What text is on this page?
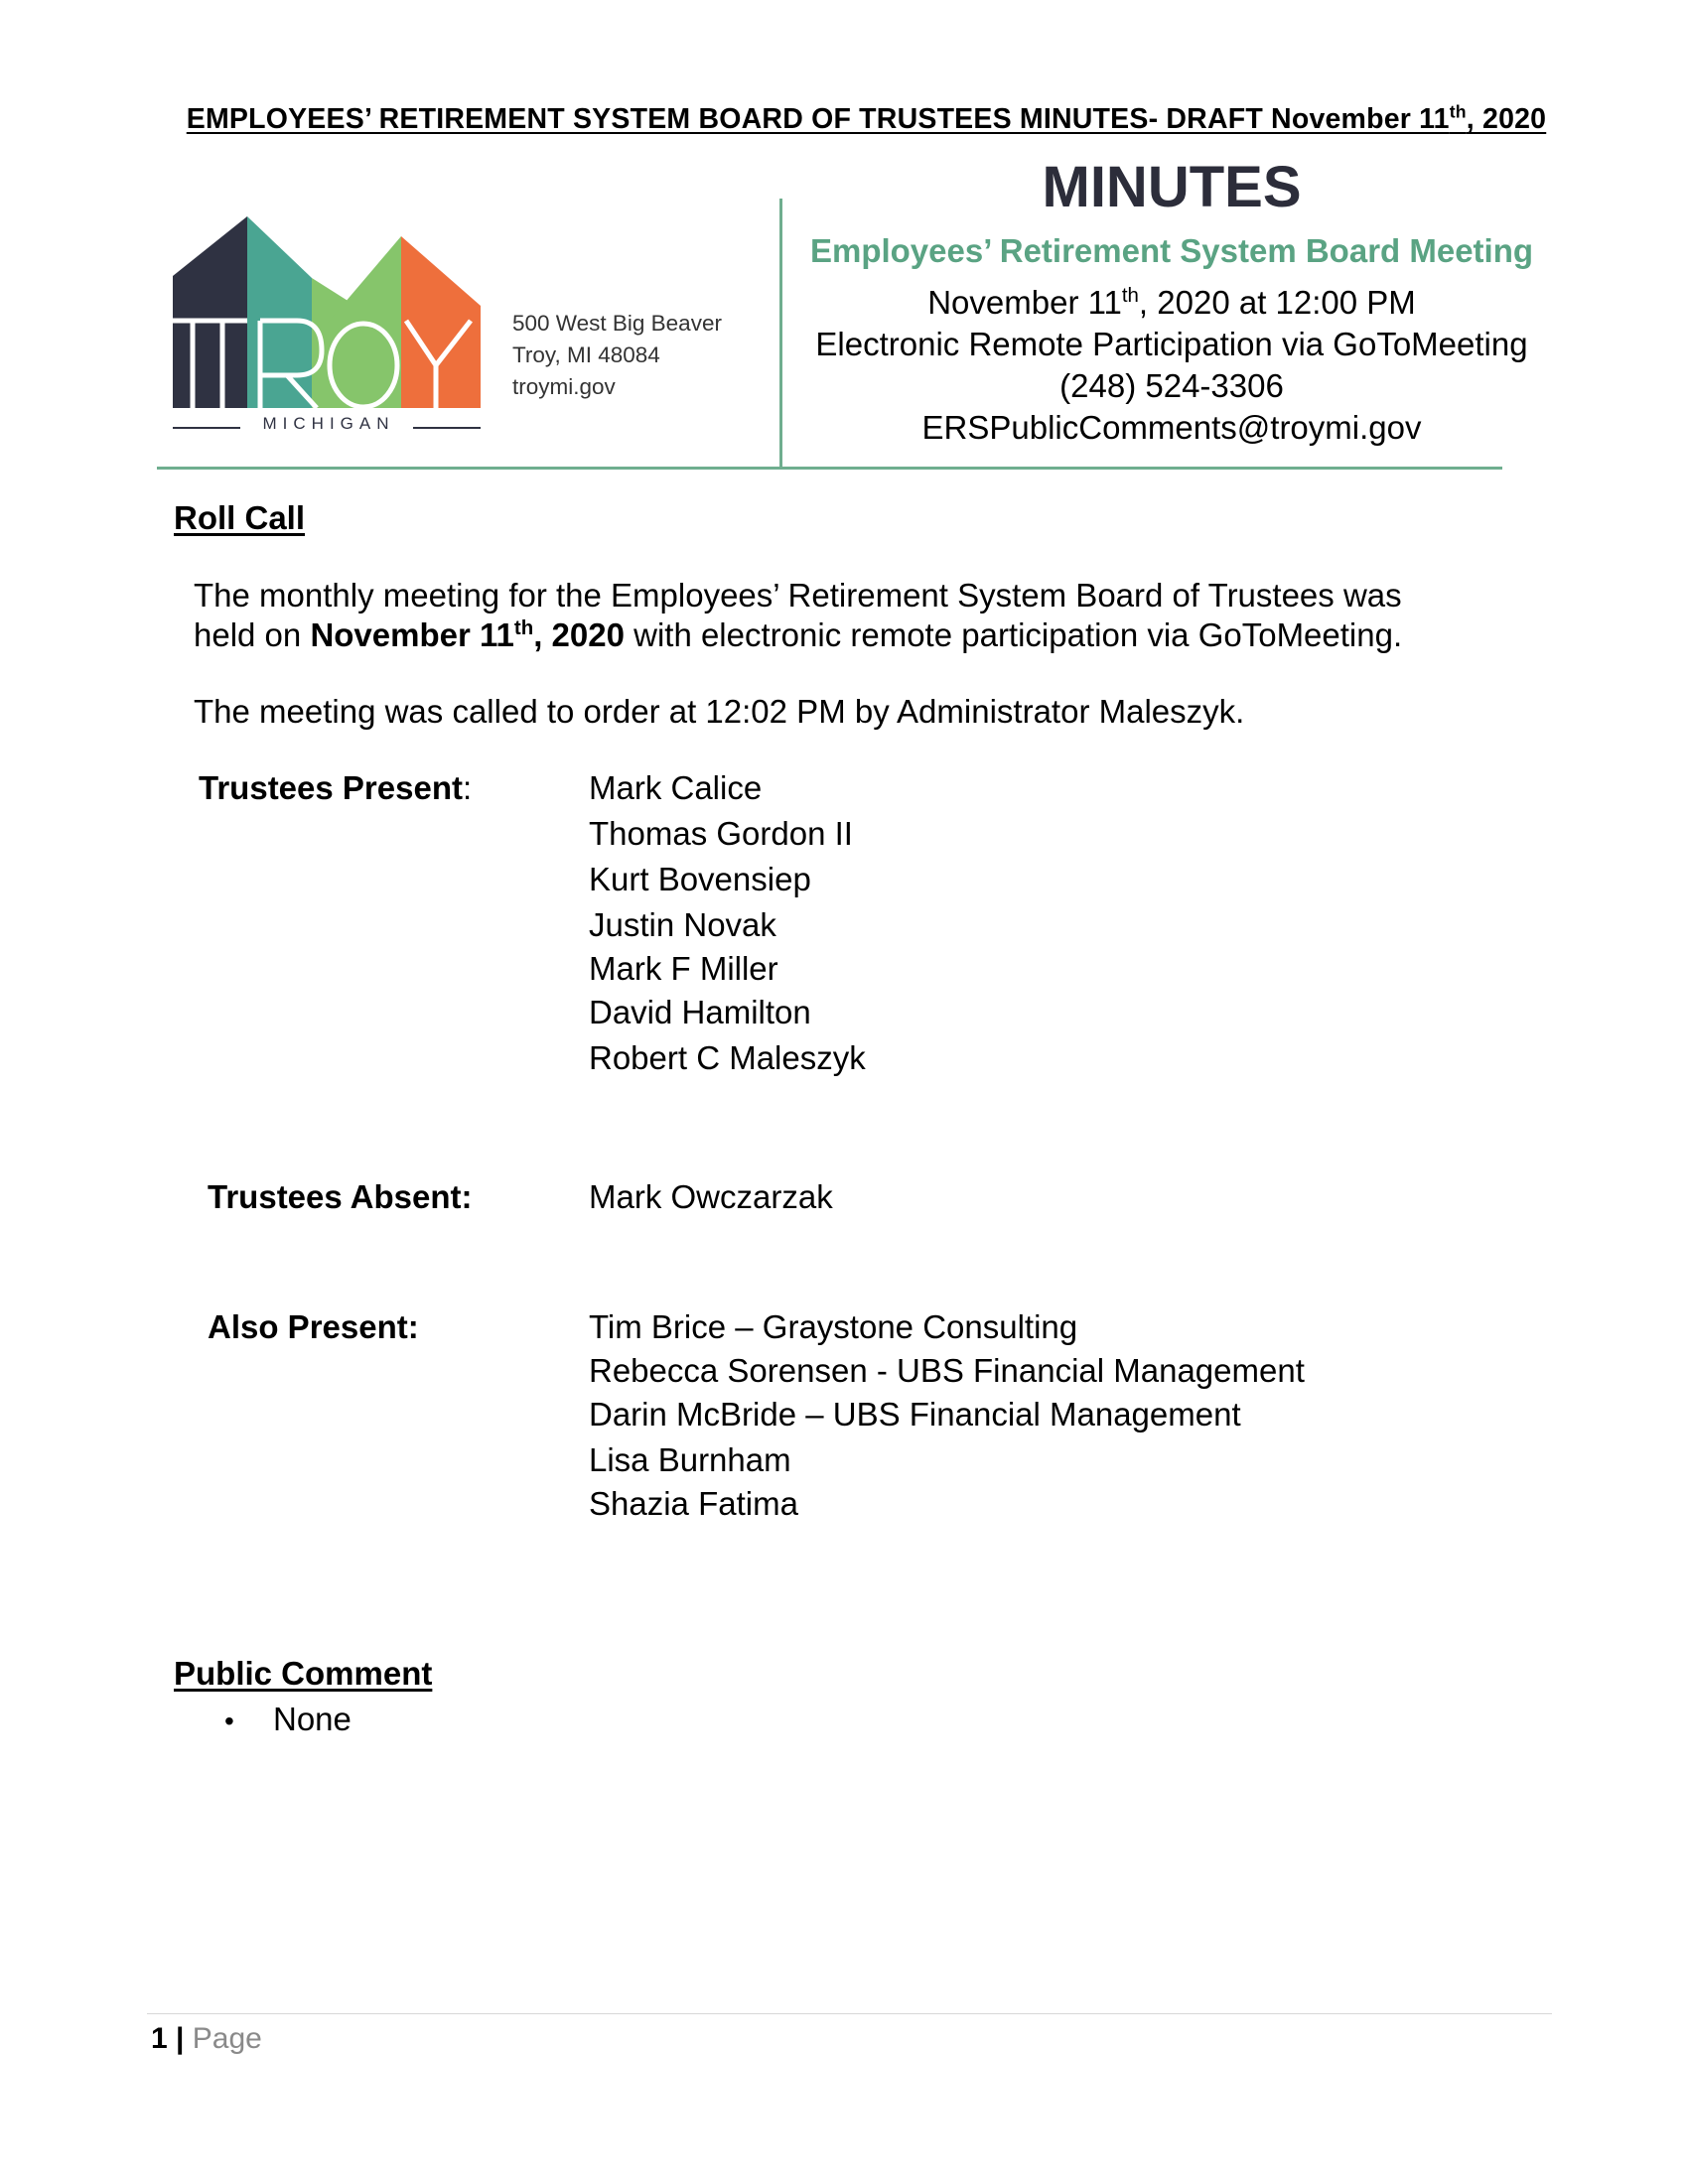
EMPLOYEES’ RETIREMENT SYSTEM BOARD OF TRUSTEES MINUTES- DRAFT November 11th, 2020
MICHIGAN
500 West Big Beaver
Troy, MI 48084
troymi.gov
MINUTES
Employees’ Retirement System Board Meeting
November 11th, 2020 at 12:00 PM
Electronic Remote Participation via GoToMeeting
(248) 524-3306
ERSPublicComments@troymi.gov
Roll Call
The monthly meeting for the Employees’ Retirement System Board of Trustees was
held on November 11th, 2020 with electronic remote participation via GoToMeeting.
The meeting was called to order at 12:02 PM by Administrator Maleszyk.
Trustees Present:	Mark Calice
Thomas Gordon II
Kurt Bovensiep
Justin Novak
Mark F Miller
David Hamilton
Robert C Maleszyk
Trustees Absent:	Mark Owczarzak
Also Present:	Tim Brice – Graystone Consulting
Rebecca Sorensen - UBS Financial Management
Darin McBride – UBS Financial Management
Lisa Burnham
Shazia Fatima
Public Comment
• None
1 | Page
